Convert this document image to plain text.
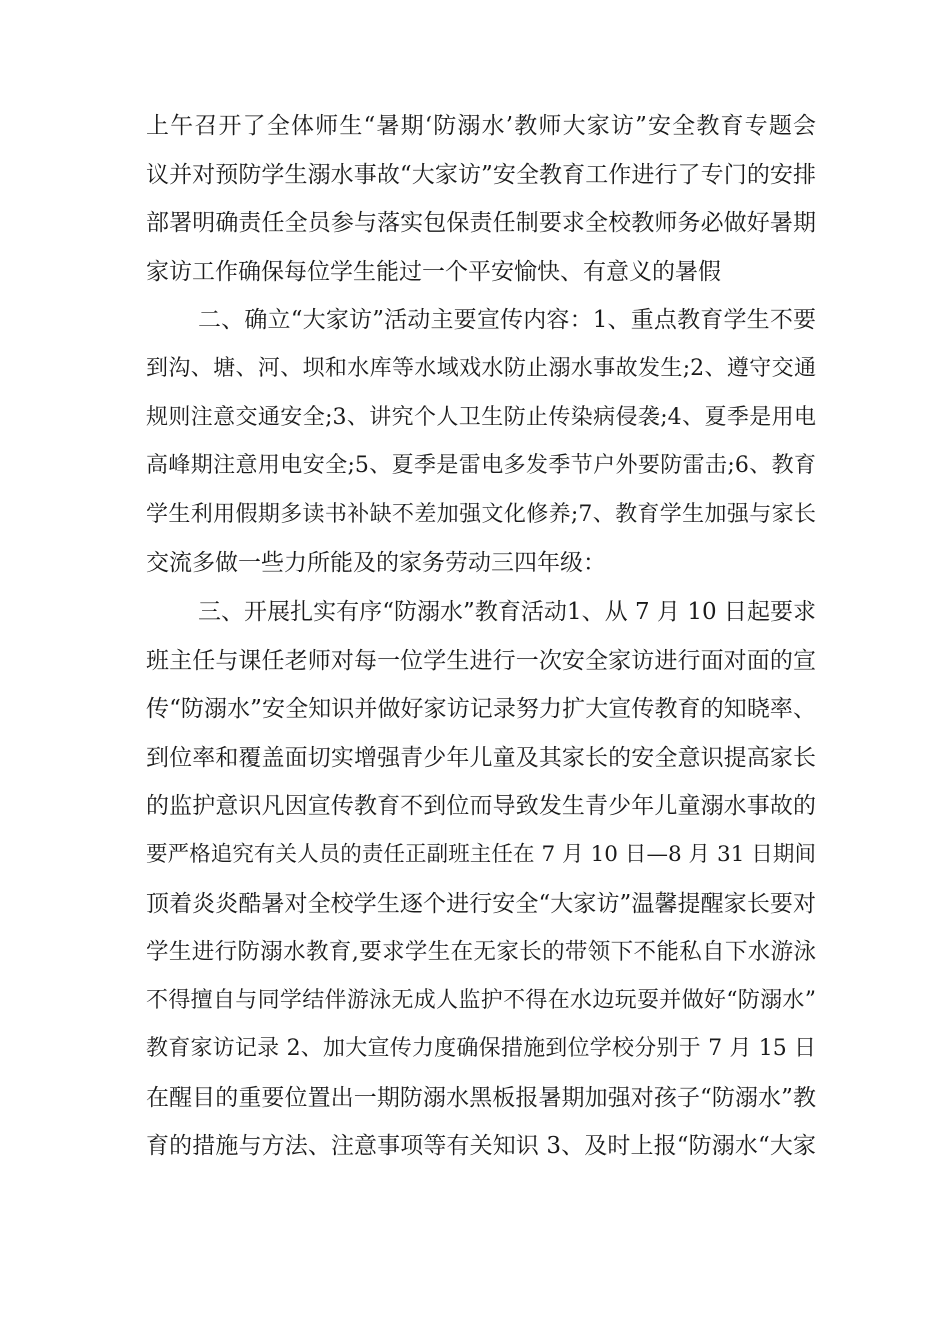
上午召开了全体师生“暑期‘防溺水’教师大家访”安全教育专题会
议并对预防学生溺水事故“大家访”安全教育工作进行了专门的安排
部署明确责任全员参与落实包保责任制要求全校教师务必做好暑期
家访工作确保每位学生能过一个平安愉快、有意义的暑假
二、确立“大家访”活动主要宣传内容：1、重点教育学生不要
到沟、塘、河、坝和水库等水域戏水防止溺水事故发生;2、遵守交通
规则注意交通安全;3、讲究个人卫生防止传染病侵袭;4、夏季是用电
高峰期注意用电安全;5、夏季是雷电多发季节户外要防雷击;6、教育
学生利用假期多读书补缺不差加强文化修养;7、教育学生加强与家长
交流多做一些力所能及的家务劳动三四年级：
三、开展扎实有序“防溺水”教育活动1、从 7 月 10 日起要求
班主任与课任老师对每一位学生进行一次安全家访进行面对面的宣
传“防溺水”安全知识并做好家访记录努力扩大宣传教育的知晓率、
到位率和覆盖面切实增强青少年儿童及其家长的安全意识提高家长
的监护意识凡因宣传教育不到位而导致发生青少年儿童溺水事故的
要严格追究有关人员的责任正副班主任在 7 月 10 日—8 月 31 日期间
顶着炎炎酷暑对全校学生逐个进行安全“大家访”温馨提醒家长要对
学生进行防溺水教育,要求学生在无家长的带领下不能私自下水游泳
不得擅自与同学结伴游泳无成人监护不得在水边玩耍并做好“防溺水”
教育家访记录 2、加大宣传力度确保措施到位学校分别于 7 月 15 日
在醒目的重要位置出一期防溺水黑板报暑期加强对孩子“防溺水”教
育的措施与方法、注意事项等有关知识 3、及时上报“防溺水“大家
